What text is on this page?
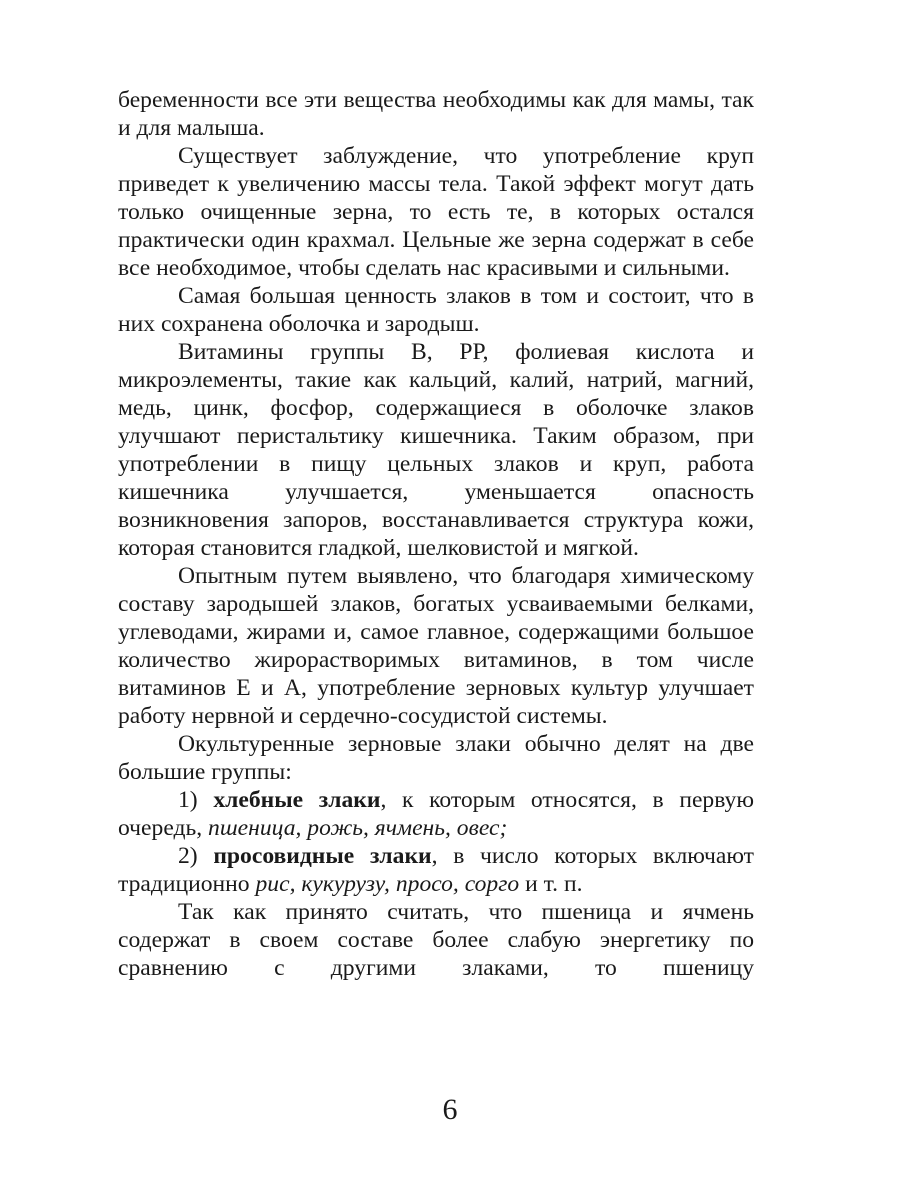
беременности все эти вещества необходимы как для мамы, так и для малыша.

Существует заблуждение, что употребление круп приведет к увеличению массы тела. Такой эффект могут дать только очищенные зерна, то есть те, в которых остался практически один крахмал. Цельные же зерна содержат в себе все необходимое, чтобы сделать нас красивыми и сильными.

Самая большая ценность злаков в том и состоит, что в них сохранена оболочка и зародыш.

Витамины группы В, РР, фолиевая кислота и микроэлементы, такие как кальций, калий, натрий, магний, медь, цинк, фосфор, содержащиеся в оболочке злаков улучшают перистальтику кишечника. Таким образом, при употреблении в пищу цельных злаков и круп, работа кишечника улучшается, уменьшается опасность возникновения запоров, восстанавливается структура кожи, которая становится гладкой, шелковистой и мягкой.

Опытным путем выявлено, что благодаря химическому составу зародышей злаков, богатых усваиваемыми белками, углеводами, жирами и, самое главное, содержащими большое количество жирорастворимых витаминов, в том числе витаминов Е и А, употребление зерновых культур улучшает работу нервной и сердечно-сосудистой системы.

Окультуренные зерновые злаки обычно делят на две большие группы:

1) хлебные злаки, к которым относятся, в первую очередь, пшеница, рожь, ячмень, овес;

2) просовидные злаки, в число которых включают традиционно рис, кукурузу, просо, сорго и т. п.

Так как принято считать, что пшеница и ячмень содержат в своем составе более слабую энергетику по сравнению с другими злаками, то пшеницу

6
